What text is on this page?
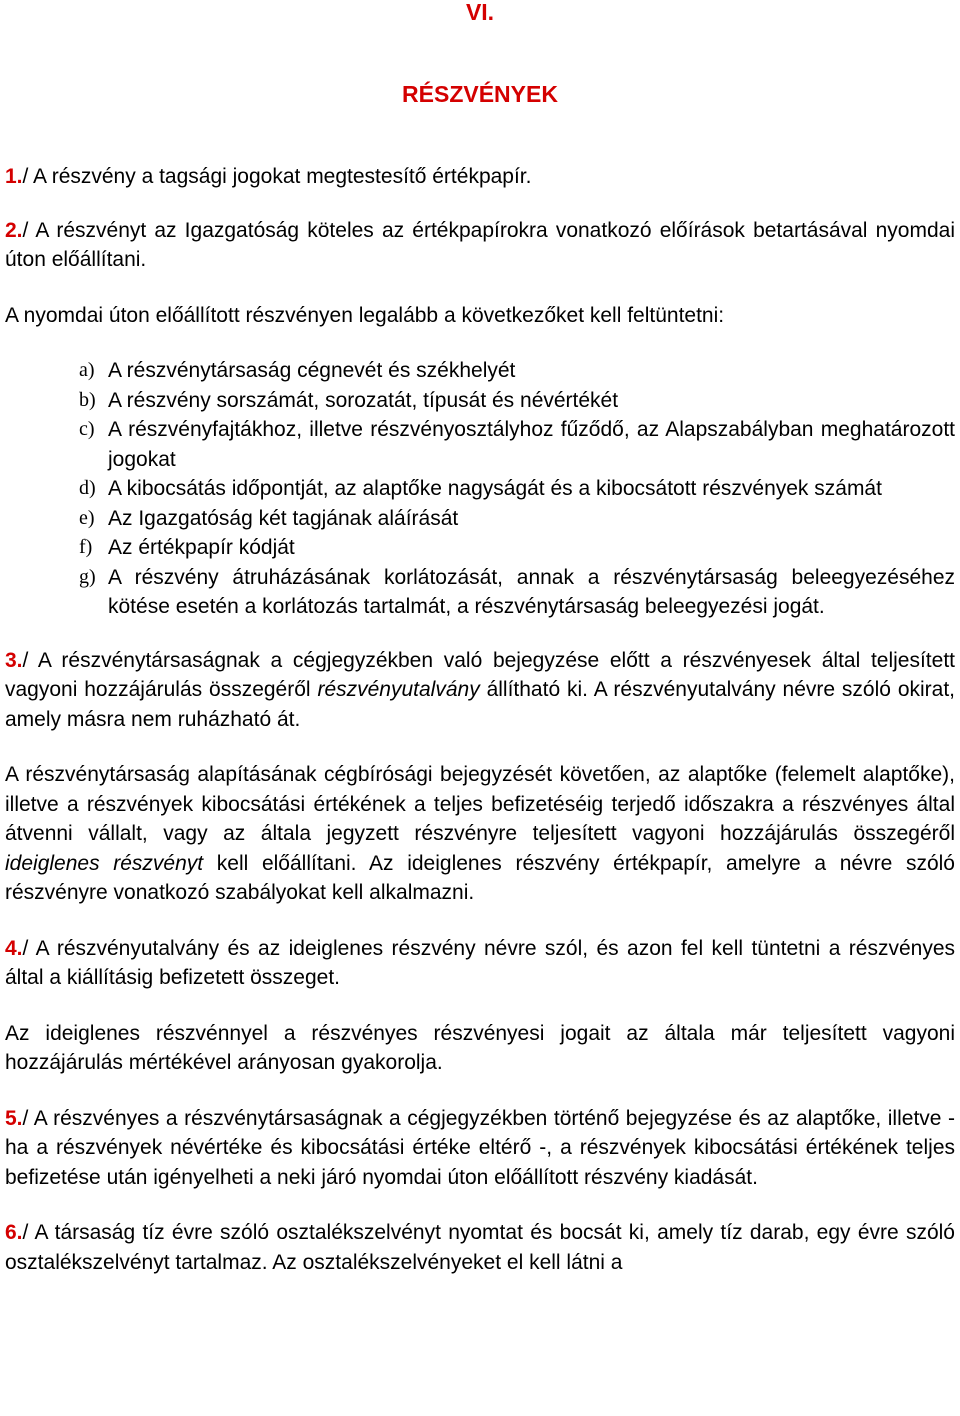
VI.
RÉSZVÉNYEK

1./ A részvény a tagsági jogokat megtestesítő értékpapír.

2./ A részvényt az Igazgatóság köteles az értékpapírokra vonatkozó előírások betartásával nyomdai úton előállítani.

A nyomdai úton előállított részvényen legalább a következőket kell feltüntetni:

a) A részvénytársaság cégnevét és székhelyét
b) A részvény sorszámát, sorozatát, típusát és névértékét
c) A részvényfajtákhoz, illetve részvényosztályhoz fűződő, az Alapszabályban meghatározott jogokat
d) A kibocsátás időpontját, az alaptőke nagyságát és a kibocsátott részvények számát
e) Az Igazgatóság két tagjának aláírását
f) Az értékpapír kódját
g) A részvény átruházásának korlátozását, annak a részvénytársaság beleegyezéséhez kötése esetén a korlátozás tartalmát, a részvénytársaság beleegyezési jogát.

3./ A részvénytársaságnak a cégjegyzékben való bejegyzése előtt a részvényesek által teljesített vagyoni hozzájárulás összegéről részvényutalvány állítható ki. A részvényutalvány névre szóló okirat, amely másra nem ruházható át.

A részvénytársaság alapításának cégbírósági bejegyzését követően, az alaptőke (felemelt alaptőke), illetve a részvények kibocsátási értékének a teljes befizetéséig terjedő időszakra a részvényes által átvenni vállalt, vagy az általa jegyzett részvényre teljesített vagyoni hozzájárulás összegéről ideiglenes részvényt kell előállítani. Az ideiglenes részvény értékpapír, amelyre a névre szóló részvényre vonatkozó szabályokat kell alkalmazni.

4./ A részvényutalvány és az ideiglenes részvény névre szól, és azon fel kell tüntetni a részvényes által a kiállításig befizetett összeget.

Az ideiglenes részvénnyel a részvényes részvényesi jogait az általa már teljesített vagyoni hozzájárulás mértékével arányosan gyakorolja.

5./ A részvényes a részvénytársaságnak a cégjegyzékben történő bejegyzése és az alaptőke, illetve - ha a részvények névértéke és kibocsátási értéke eltérő -, a részvények kibocsátási értékének teljes befizetése után igényelheti a neki járó nyomdai úton előállított részvény kiadását.

6./ A társaság tíz évre szóló osztalékszelvényt nyomtat és bocsát ki, amely tíz darab, egy évre szóló osztalékszelvényt tartalmaz. Az osztalékszelvényeket el kell látni a
